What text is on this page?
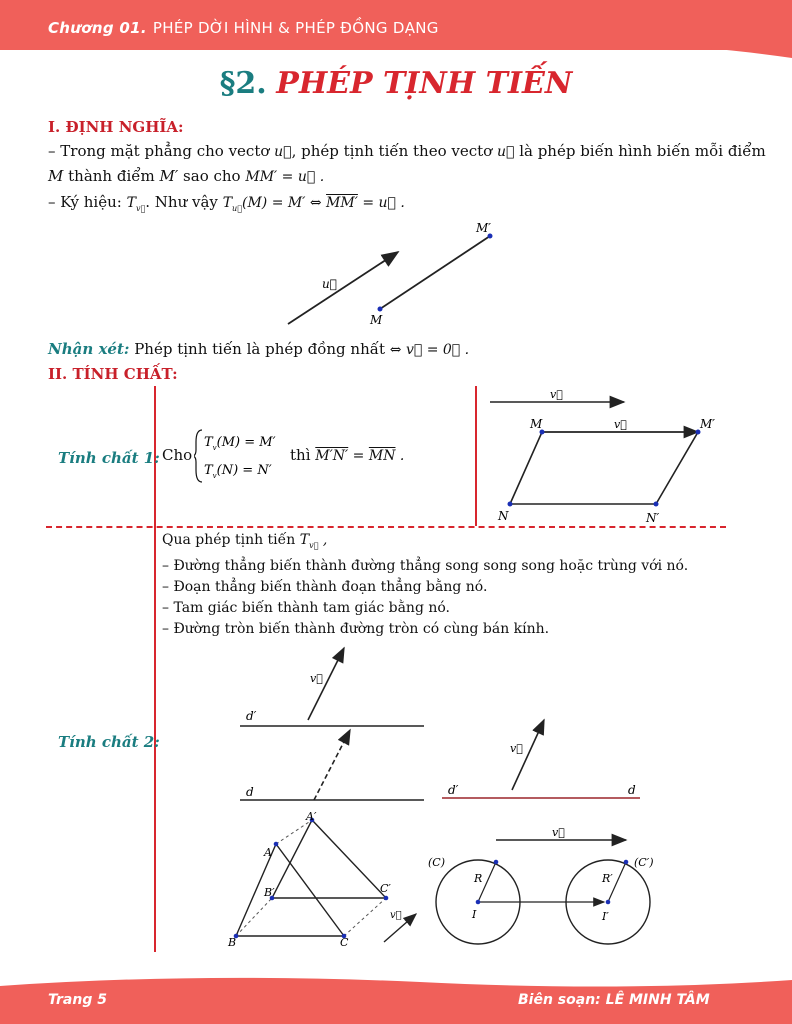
Chương 01. PHÉP DỜI HÌNH & PHÉP ĐỒNG DẠNG
§2. PHÉP TỊNH TIẾN
I. ĐỊNH NGHĨA:
– Trong mặt phẳng cho vectơ u⃗, phép tịnh tiến theo vectơ u⃗ là phép biến hình biến mỗi điểm
M thành điểm M′ sao cho MM′ = u⃗ .
– Ký hiệu: $T_{v⃗}$. Như vậy $T_{u⃗}(M) = M'$ ⇔ MM′ = u⃗ .
u⃗
M
M′
Nhận xét: Phép tịnh tiến là phép đồng nhất ⇔ v⃗ = 0⃗ .
II. TÍNH CHẤT:
Tính chất 1: Cho
$T_v(M) = M'$
$T_v(N) = N'$
thì $M'N' = \overline{MN}$ .
v⃗
v⃗
M	M′
N	N′
Qua phép tịnh tiến $T_{v⃗}$ ,
– Đường thẳng biến thành đường thẳng song song song hoặc trùng với nó.
– Đoạn thẳng biến thành đoạn thẳng bằng nó.
– Tam giác biến thành tam giác bằng nó.
– Đường tròn biến thành đường tròn có cùng bán kính.
Tính chất 2:
v⃗
d′
d
v⃗
d′	d
A
B	C
A′
B′	C′
v⃗
v⃗
(C)	(C′)
R	R′
I	I′
Trang 5	Biên soạn: LÊ MINH TÂM
